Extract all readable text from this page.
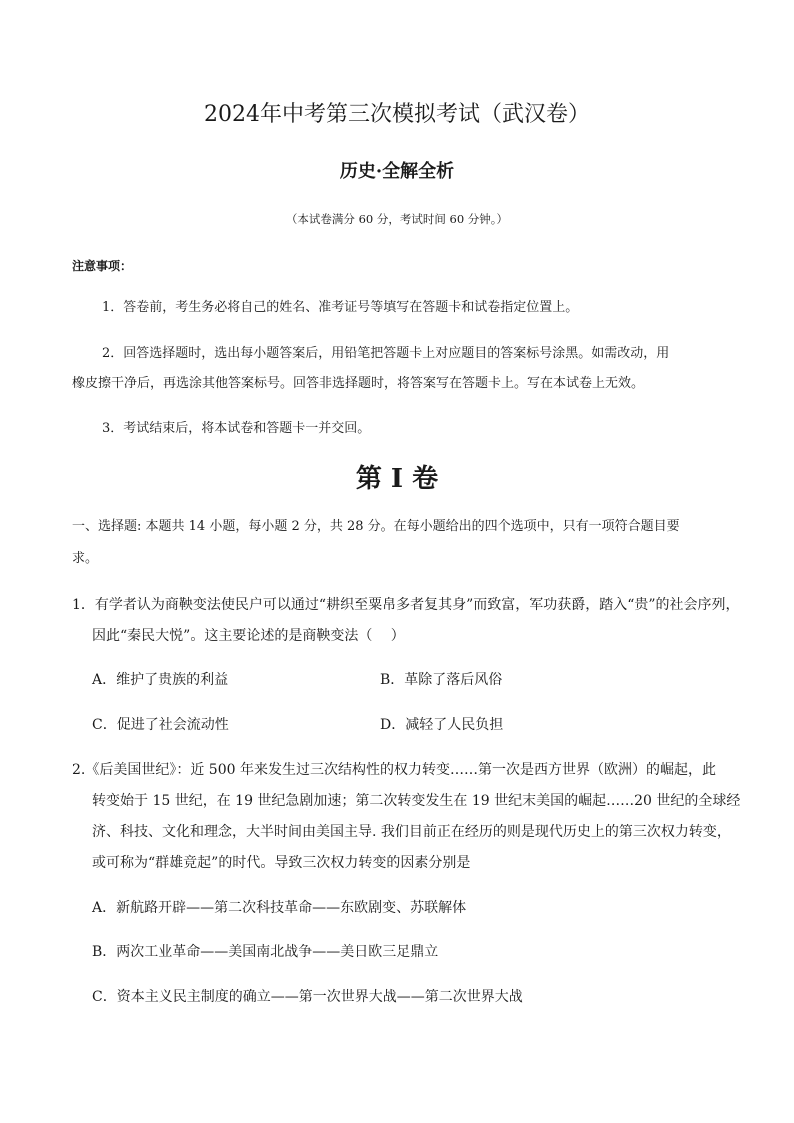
2024年中考第三次模拟考试（武汉卷）
历史·全解全析
（本试卷满分 60 分，考试时间 60 分钟。）
注意事项：
1．答卷前，考生务必将自己的姓名、准考证号等填写在答题卡和试卷指定位置上。
2．回答选择题时，选出每小题答案后，用铅笔把答题卡上对应题目的答案标号涂黑。如需改动，用
橡皮擦干净后，再选涂其他答案标号。回答非选择题时，将答案写在答题卡上。写在本试卷上无效。
3．考试结束后，将本试卷和答题卡一并交回。
第 I 卷
一、选择题: 本题共 14 小题，每小题 2 分，共 28 分。在每小题给出的四个选项中，只有一项符合题目要
求。
1．有学者认为商鞅变法使民户可以通过“耕织至粟帛多者复其身”而致富，军功获爵，踏入“贵”的社会序列，
因此“秦民大悦”。这主要论述的是商鞅变法（　 ）
A．维护了贵族的利益	B．革除了落后风俗
C．促进了社会流动性	D．减轻了人民负担
2.《后美国世纪》：近 500 年来发生过三次结构性的权力转变……第一次是西方世界（欧洲）的崛起，此
转变始于 15 世纪，在 19 世纪急剧加速；第二次转变发生在 19 世纪末美国的崛起……20 世纪的全球经
济、科技、文化和理念，大半时间由美国主导. 我们目前正在经历的则是现代历史上的第三次权力转变，
或可称为“群雄竞起”的时代。导致三次权力转变的因素分别是
A．新航路开辟——第二次科技革命——东欧剧变、苏联解体
B．两次工业革命——美国南北战争——美日欧三足鼎立
C．资本主义民主制度的确立——第一次世界大战——第二次世界大战
